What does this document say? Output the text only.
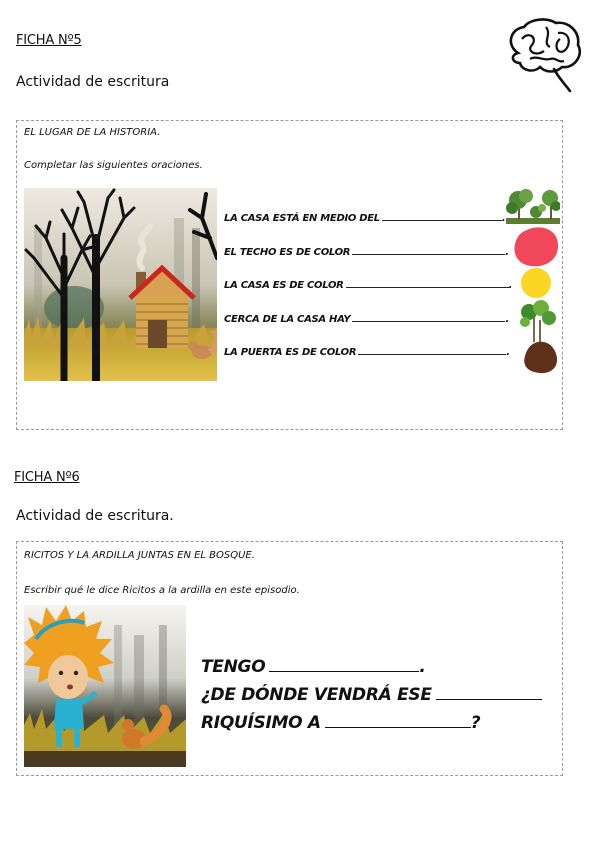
FICHA Nº5
Actividad de escritura
EL LUGAR DE LA HISTORIA.
Completar las siguientes oraciones.
LA CASA ESTÁ EN MEDIO DEL	.
EL TECHO ES DE COLOR	.
LA CASA ES DE COLOR	.
CERCA DE LA CASA HAY	.
LA PUERTA ES DE COLOR	.
FICHA Nº6
Actividad de escritura.
RICITOS Y LA ARDILLA JUNTAS EN EL BOSQUE.
Escribir qué le dice Ricitos a la ardilla en este episodio.
TENGO	.
¿DE DÓNDE VENDRÁ ESE
RIQUÍSIMO A	?
